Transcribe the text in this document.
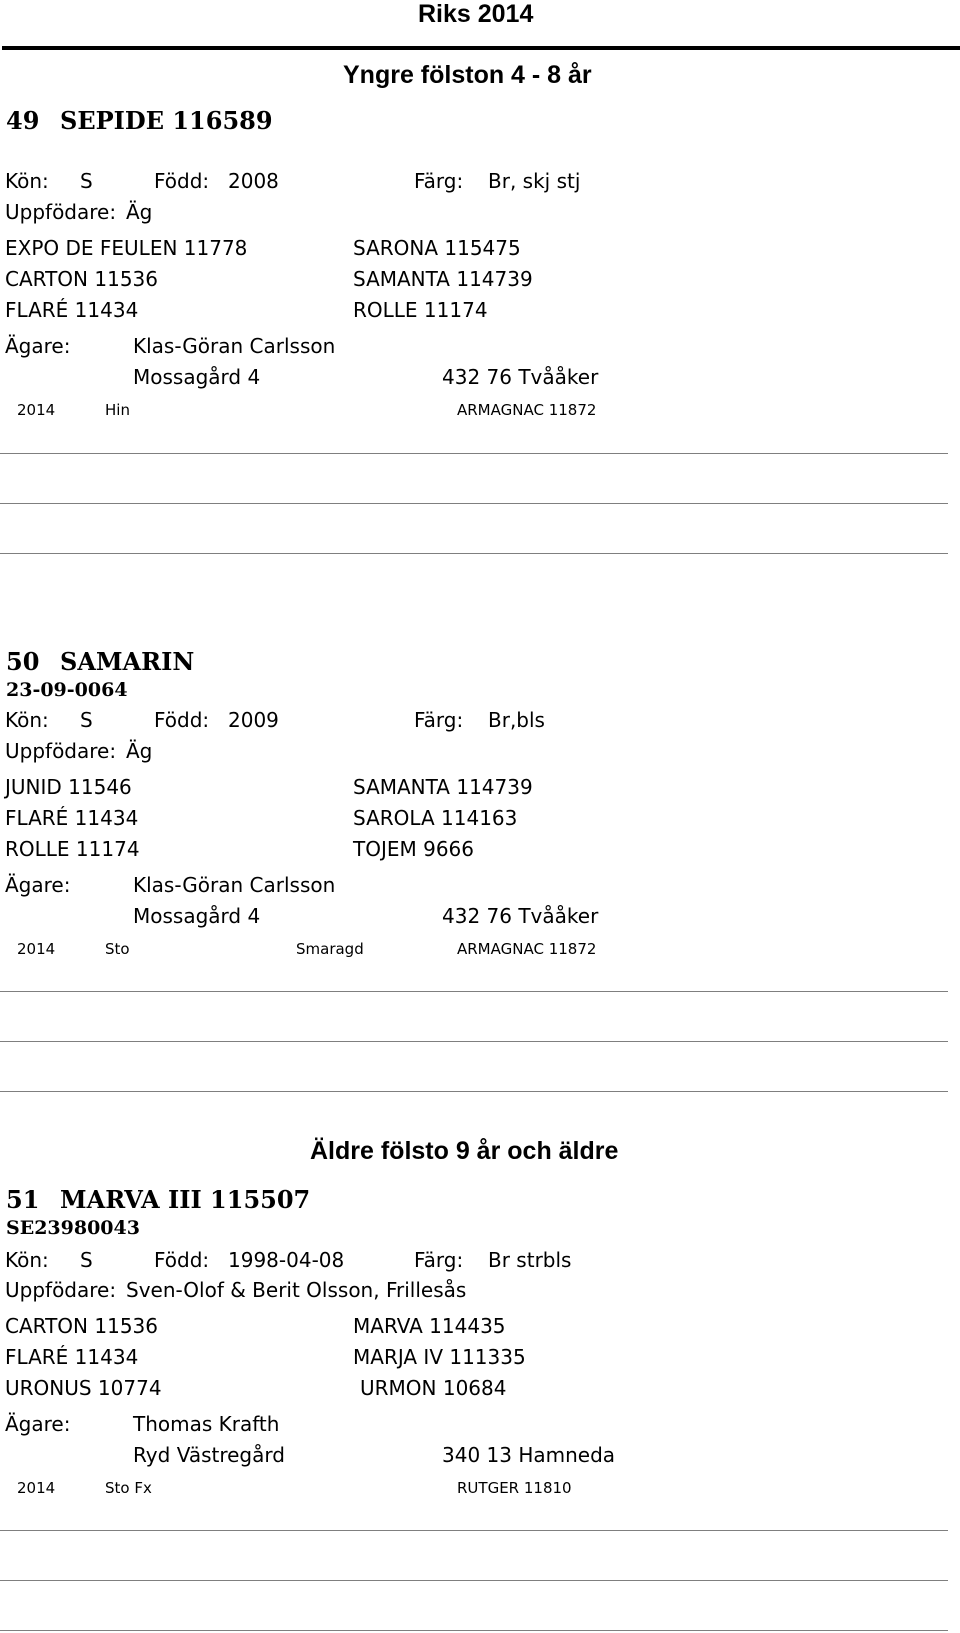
Riks 2014
Yngre fölston 4 - 8 år
49 SEPIDE 116589
Kön: S	Född: 2008	Färg: Br, skj stj
Uppfödare: Äg
EXPO DE FEULEN 11778	SARONA 115475
CARTON 11536	SAMANTA 114739
FLARÉ 11434	ROLLE 11174
Ägare:	Klas-Göran Carlsson
Mossagård 4	432 76 Tvååker
2014	Hin	ARMAGNAC 11872
50 SAMARIN
23-09-0064
Kön: S	Född: 2009	Färg: Br,bls
Uppfödare: Äg
JUNID 11546	SAMANTA 114739
FLARÉ 11434	SAROLA 114163
ROLLE 11174	TOJEM 9666
Ägare:	Klas-Göran Carlsson
Mossagård 4	432 76 Tvååker
2014	Sto	Smaragd	ARMAGNAC 11872
Äldre fölsto 9 år och äldre
51 MARVA III 115507
SE23980043
Kön: S	Född: 1998-04-08	Färg: Br strbls
Uppfödare: Sven-Olof & Berit Olsson, Frillesås
CARTON 11536	MARVA 114435
FLARÉ 11434	MARJA IV 111335
URONUS 10774	URMON 10684
Ägare:	Thomas Krafth
Ryd Västregård	340 13 Hamneda
2014	Sto Fx	RUTGER 11810
